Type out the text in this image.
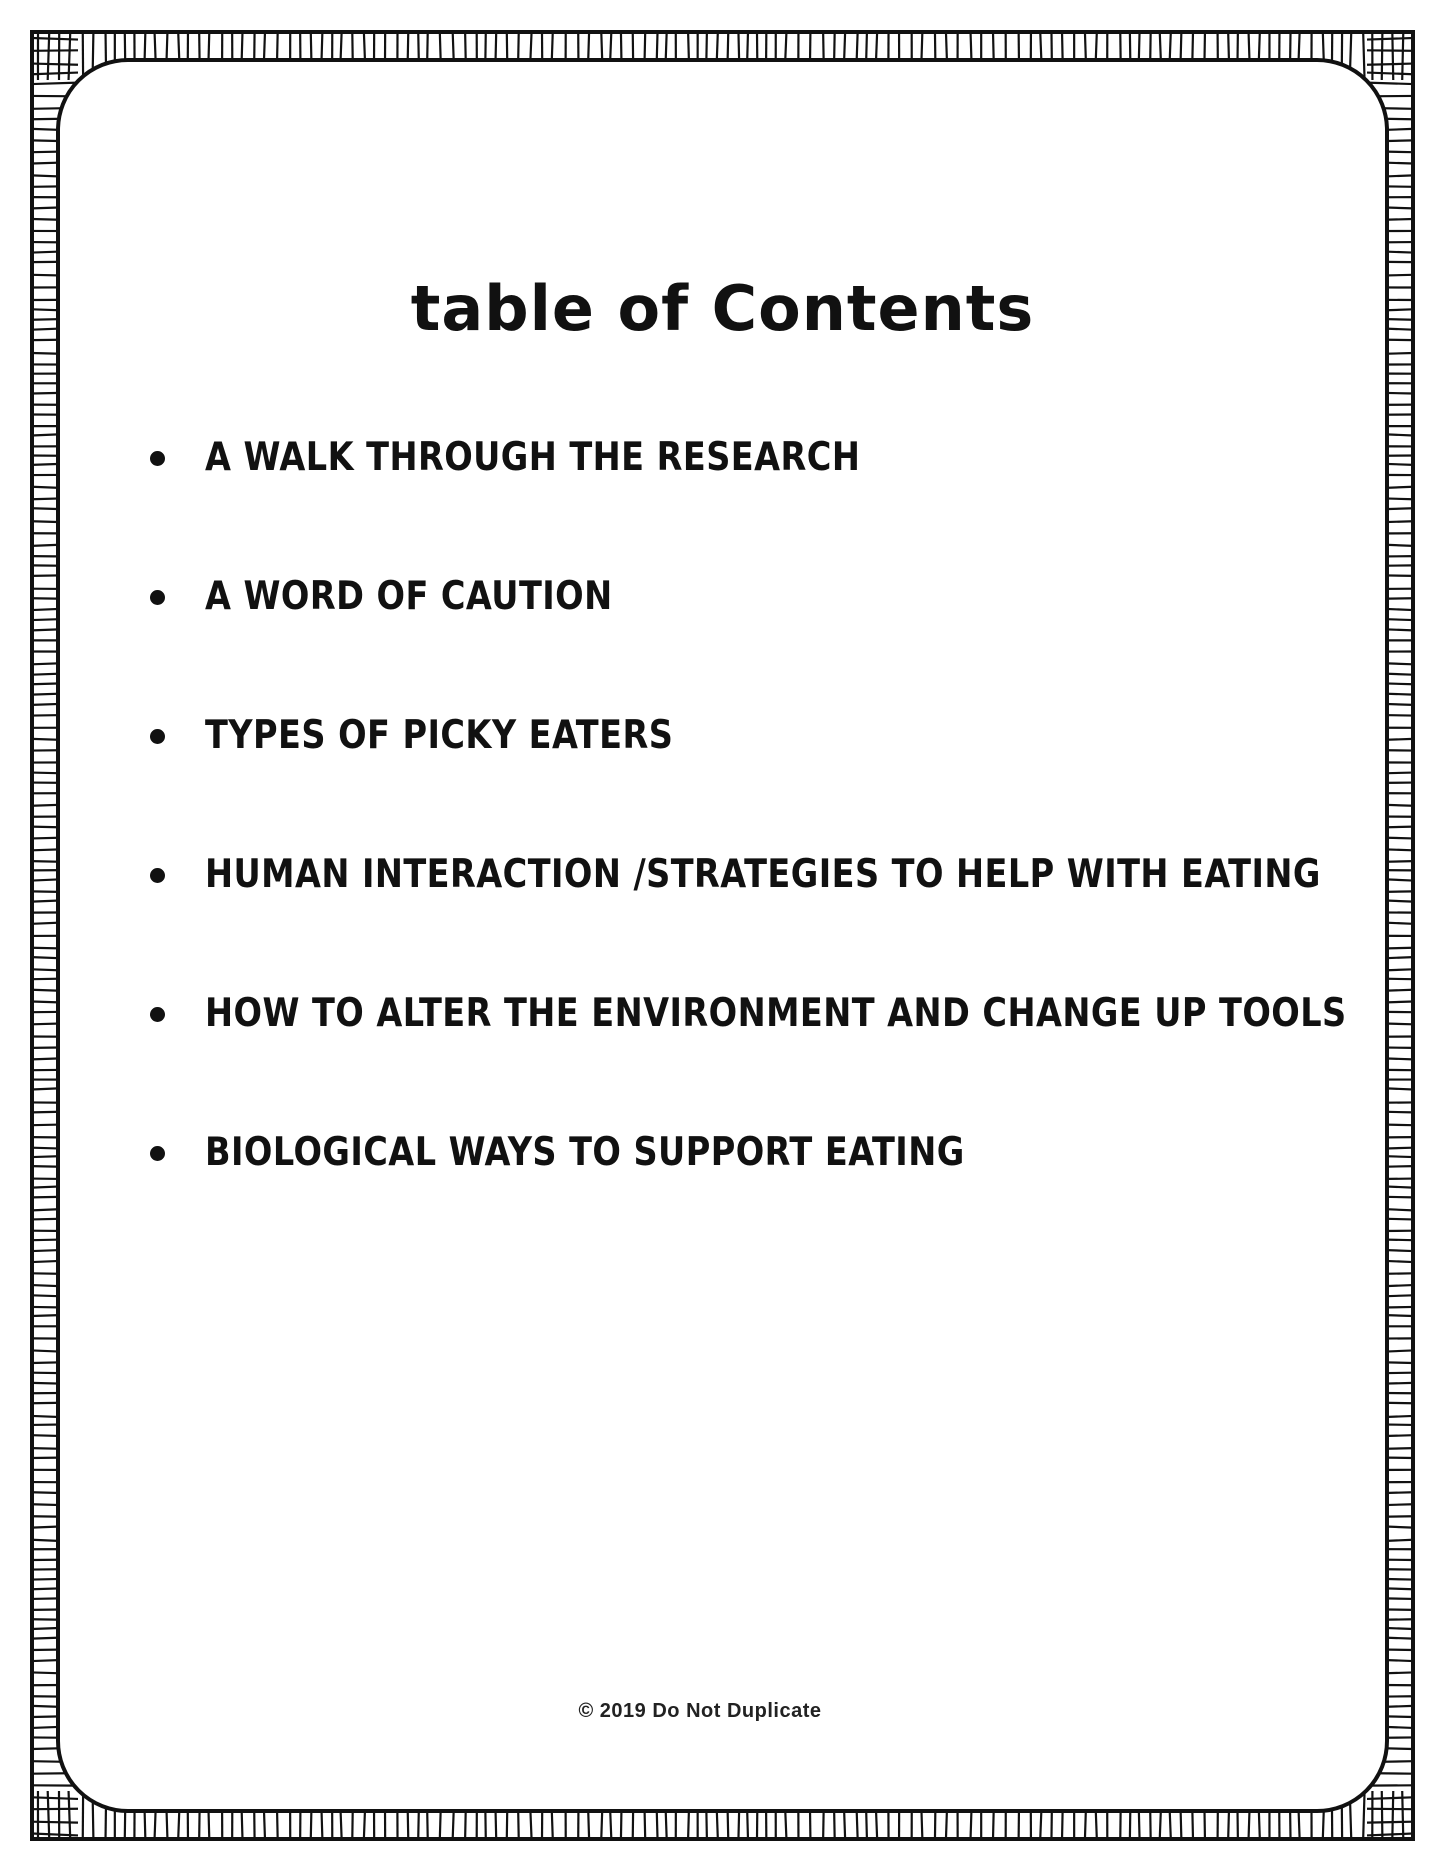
table of Contents
A WALK THROUGH THE RESEARCH
A WORD OF CAUTION
TYPES OF PICKY EATERS
HUMAN INTERACTION /STRATEGIES TO HELP WITH EATING
HOW TO ALTER THE ENVIRONMENT AND CHANGE UP TOOLS
BIOLOGICAL WAYS TO SUPPORT EATING
© 2019 Do Not Duplicate
